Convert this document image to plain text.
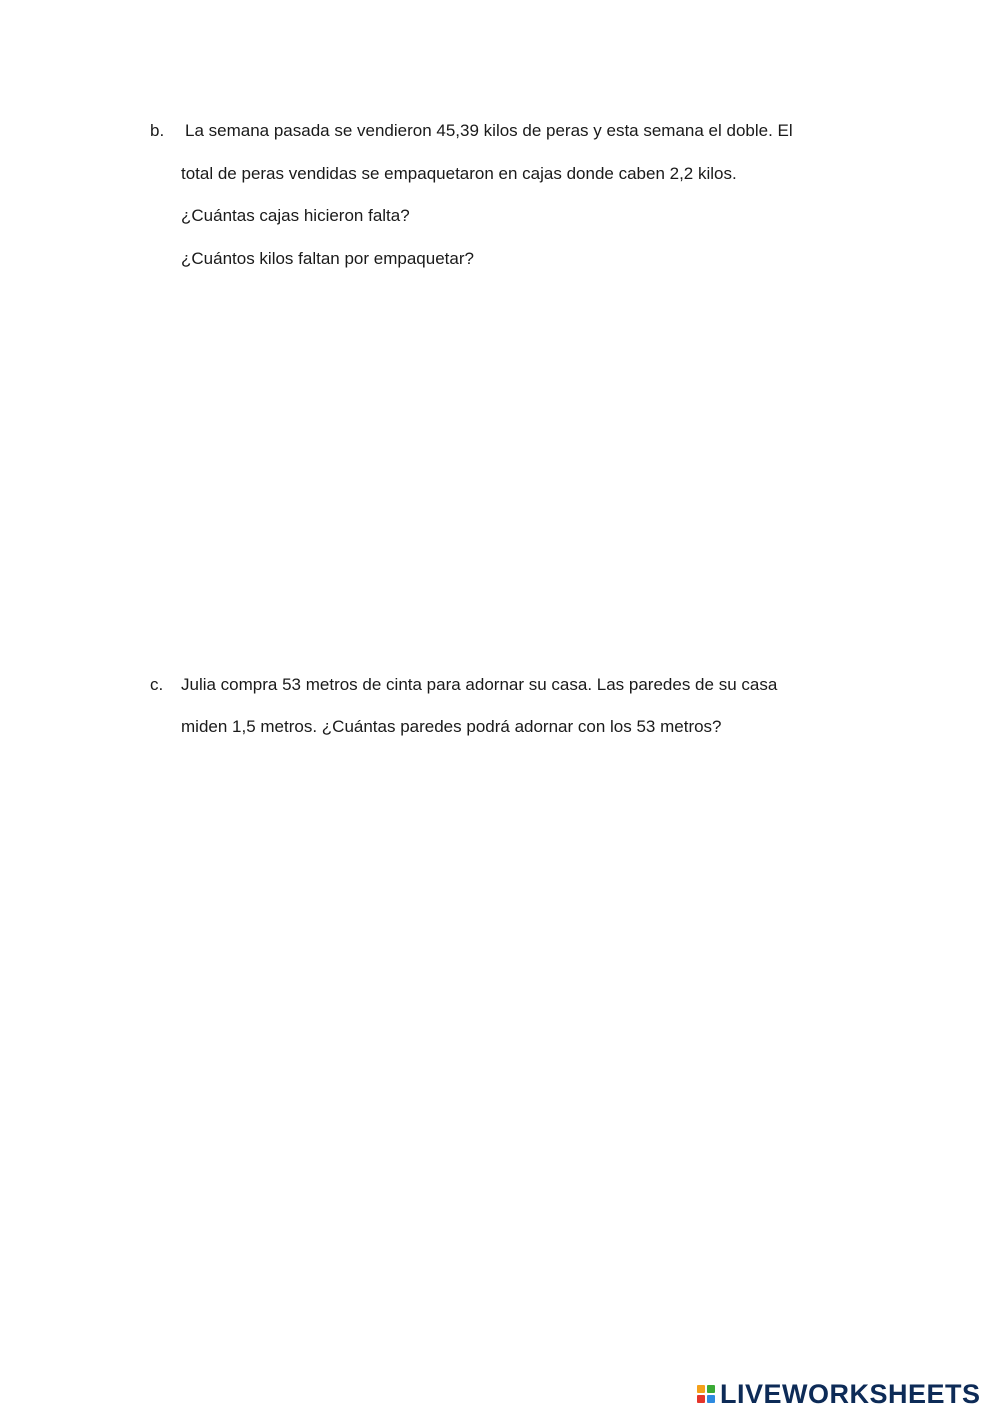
b. La semana pasada se vendieron 45,39 kilos de peras y esta semana el doble. El
total de peras vendidas se empaquetaron en cajas donde caben 2,2 kilos.
¿Cuántas cajas hicieron falta?
¿Cuántos kilos faltan por empaquetar?
c. Julia compra 53 metros de cinta para adornar su casa. Las paredes de su casa
miden 1,5 metros. ¿Cuántas paredes podrá adornar con los 53 metros?
LIVEWORKSHEETS
